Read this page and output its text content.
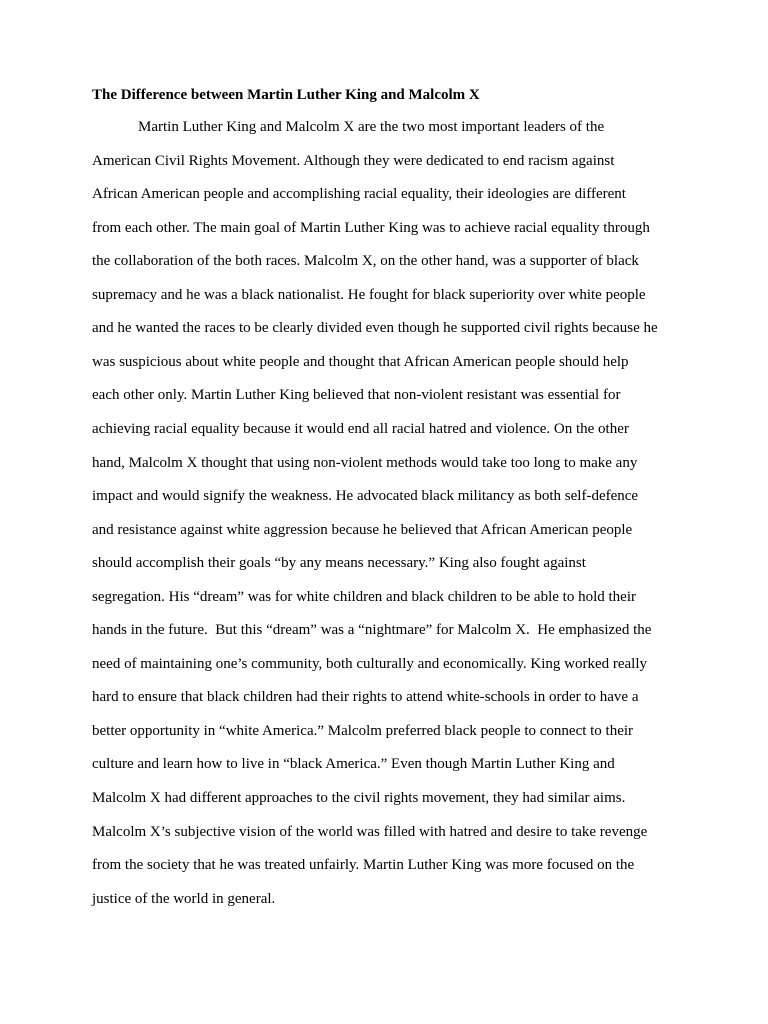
The Difference between Martin Luther King and Malcolm X
Martin Luther King and Malcolm X are the two most important leaders of the
American Civil Rights Movement. Although they were dedicated to end racism against
African American people and accomplishing racial equality, their ideologies are different
from each other. The main goal of Martin Luther King was to achieve racial equality through
the collaboration of the both races. Malcolm X, on the other hand, was a supporter of black
supremacy and he was a black nationalist. He fought for black superiority over white people
and he wanted the races to be clearly divided even though he supported civil rights because he
was suspicious about white people and thought that African American people should help
each other only. Martin Luther King believed that non-violent resistant was essential for
achieving racial equality because it would end all racial hatred and violence. On the other
hand, Malcolm X thought that using non-violent methods would take too long to make any
impact and would signify the weakness. He advocated black militancy as both self-defence
and resistance against white aggression because he believed that African American people
should accomplish their goals “by any means necessary.” King also fought against
segregation. His “dream” was for white children and black children to be able to hold their
hands in the future.  But this “dream” was a “nightmare” for Malcolm X.  He emphasized the
need of maintaining one’s community, both culturally and economically. King worked really
hard to ensure that black children had their rights to attend white-schools in order to have a
better opportunity in “white America.” Malcolm preferred black people to connect to their
culture and learn how to live in “black America.” Even though Martin Luther King and
Malcolm X had different approaches to the civil rights movement, they had similar aims.
Malcolm X’s subjective vision of the world was filled with hatred and desire to take revenge
from the society that he was treated unfairly. Martin Luther King was more focused on the
justice of the world in general.
